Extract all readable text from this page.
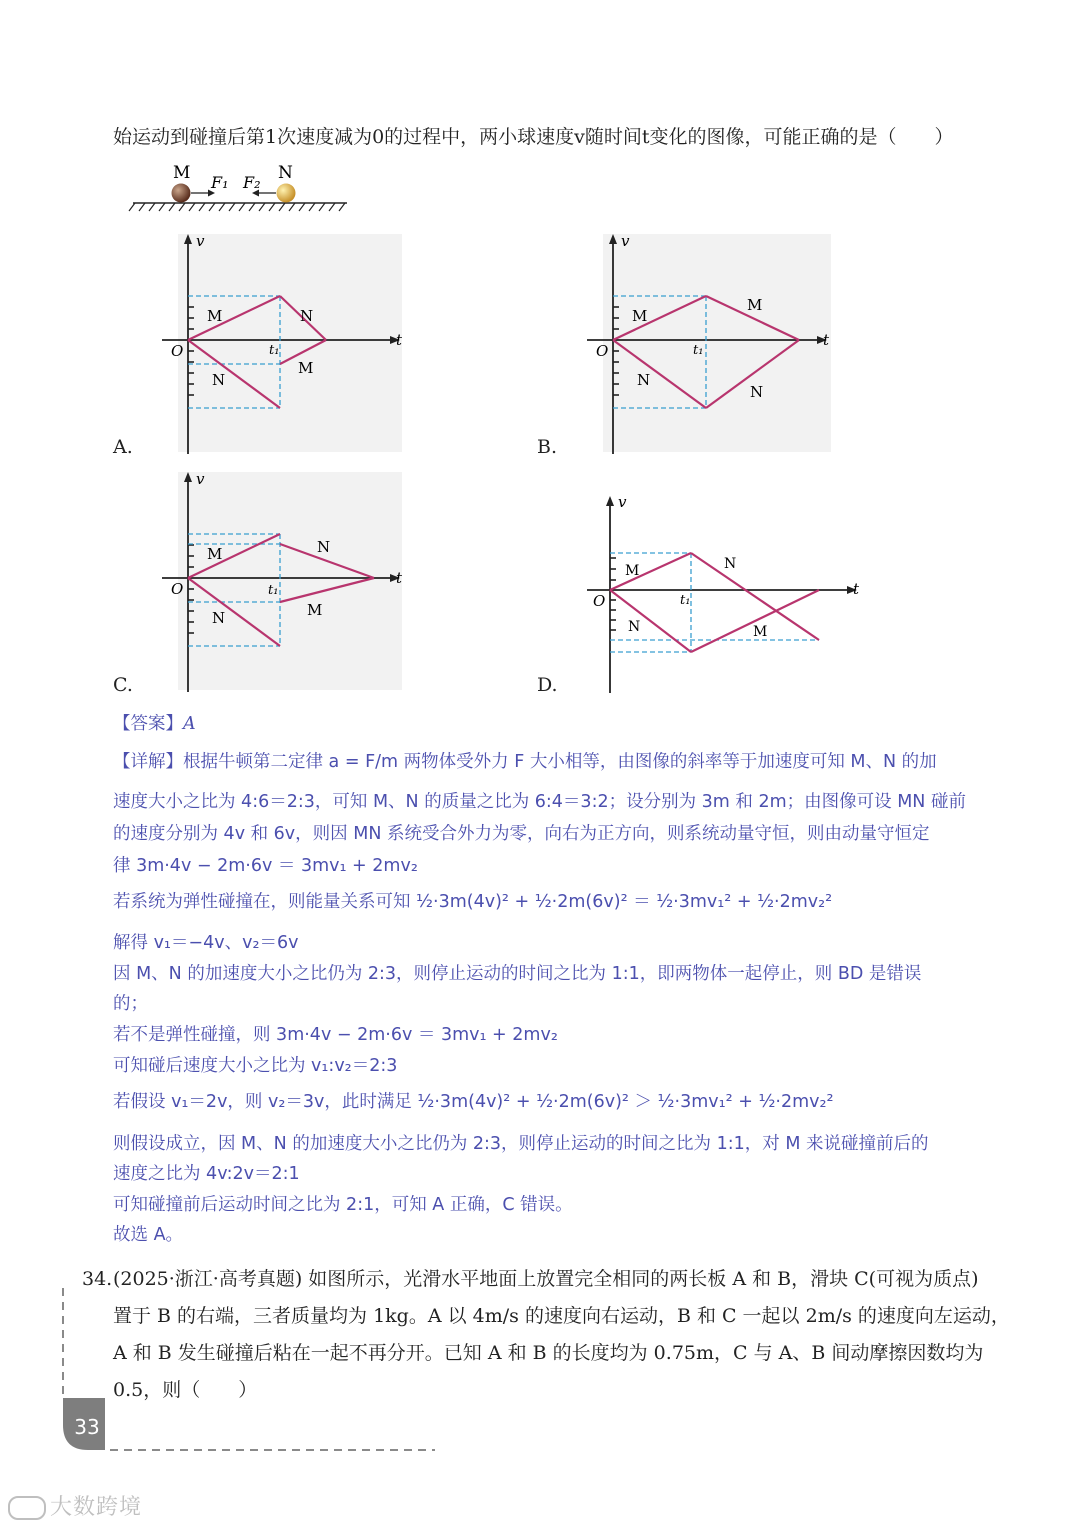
始运动到碰撞后第1次速度减为0的过程中，两小球速度v随时间t变化的图像，可能正确的是（　　）
M	N
F₁ F₂
v
t
O	t₁
M	N
N
M
A.
v
t
O	t₁
M
M
N
N
B.
v
t
O	t₁
M	N
N	M
C.
v
t
O	t₁
M	N
N	M
D.
【答案】A
【详解】根据牛顿第二定律 a = F/m 两物体受外力 F 大小相等，由图像的斜率等于加速度可知 M、N 的加
速度大小之比为 4:6＝2:3，可知 M、N 的质量之比为 6:4＝3:2；设分别为 3m 和 2m；由图像可设 MN 碰前
的速度分别为 4v 和 6v，则因 MN 系统受合外力为零，向右为正方向，则系统动量守恒，则由动量守恒定
律 3m·4v − 2m·6v ＝ 3mv₁ + 2mv₂
若系统为弹性碰撞在，则能量关系可知 ½·3m(4v)² + ½·2m(6v)² ＝ ½·3mv₁² + ½·2mv₂²
解得 v₁＝−4v、v₂＝6v
因 M、N 的加速度大小之比仍为 2:3，则停止运动的时间之比为 1:1，即两物体一起停止，则 BD 是错误
的；
若不是弹性碰撞，则 3m·4v − 2m·6v ＝ 3mv₁ + 2mv₂
可知碰后速度大小之比为 v₁:v₂＝2:3
若假设 v₁＝2v，则 v₂＝3v，此时满足 ½·3m(4v)² + ½·2m(6v)² ＞ ½·3mv₁² + ½·2mv₂²
则假设成立，因 M、N 的加速度大小之比仍为 2:3，则停止运动的时间之比为 1:1，对 M 来说碰撞前后的
速度之比为 4v:2v＝2:1
可知碰撞前后运动时间之比为 2:1，可知 A 正确，C 错误。
故选 A。
34. (2025·浙江·高考真题) 如图所示，光滑水平地面上放置完全相同的两长板 A 和 B，滑块 C(可视为质点)
置于 B 的右端，三者质量均为 1kg。A 以 4m/s 的速度向右运动，B 和 C 一起以 2m/s 的速度向左运动，
A 和 B 发生碰撞后粘在一起不再分开。已知 A 和 B 的长度均为 0.75m，C 与 A、B 间动摩擦因数均为
0.5，则（　　）
33
大数跨境
